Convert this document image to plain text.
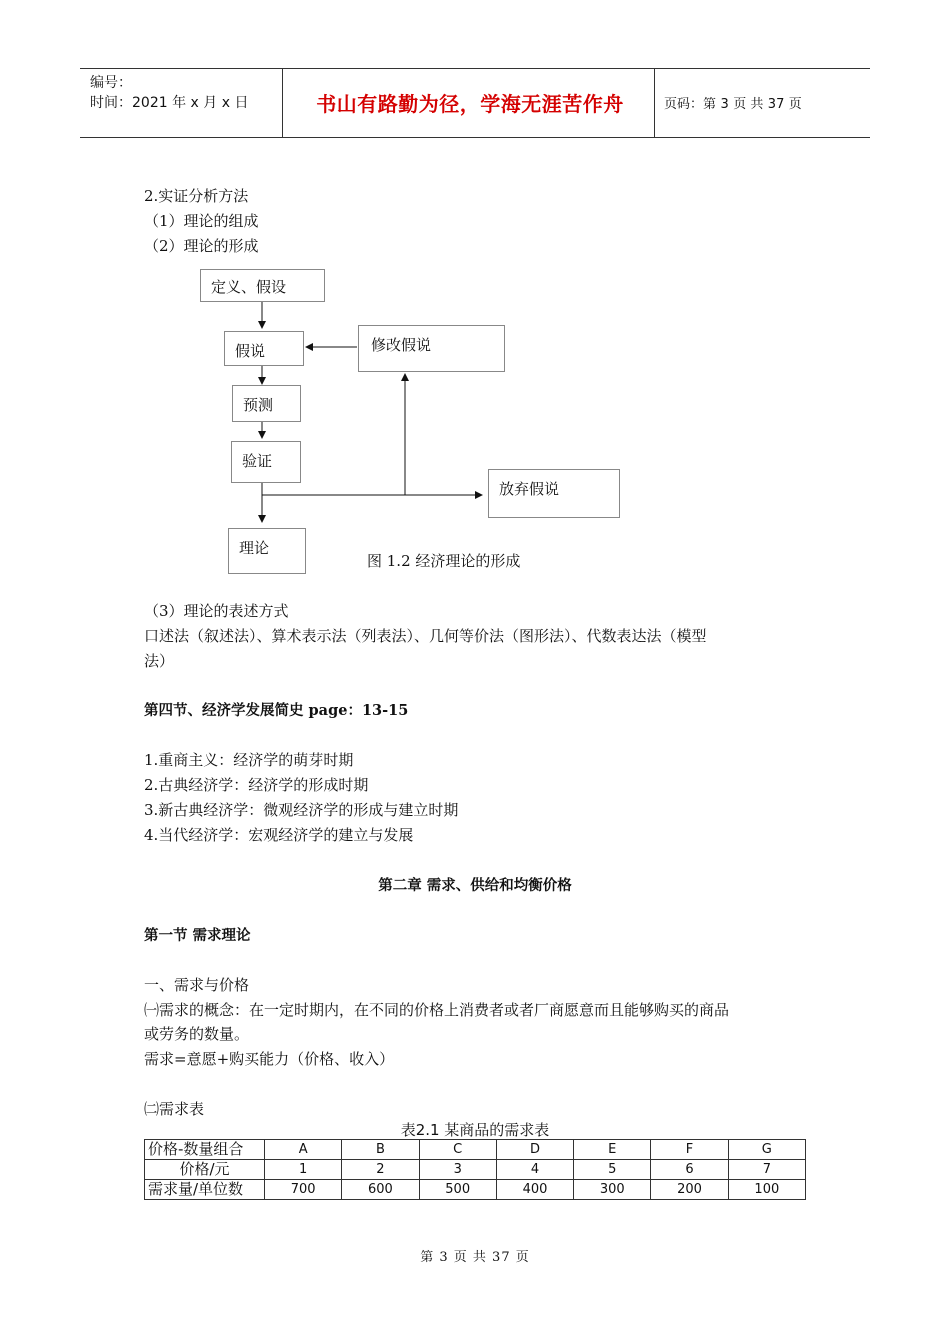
编号：
时间：2021 年 x 月 x 日	书山有路勤为径，学海无涯苦作舟	页码：第 3 页 共 37 页
2.实证分析方法
（1）理论的组成
（2）理论的形成
定义、假设
假说	修改假说
预测
验证
放弃假说
理论
图 1.2 经济理论的形成
（3）理论的表述方式
口述法（叙述法）、算术表示法（列表法）、几何等价法（图形法）、代数表达法（模型
法）
第四节、经济学发展简史 page：13-15
1.重商主义：经济学的萌芽时期
2.古典经济学：经济学的形成时期
3.新古典经济学：微观经济学的形成与建立时期
4.当代经济学：宏观经济学的建立与发展
第二章 需求、供给和均衡价格
第一节 需求理论
一、需求与价格
㈠需求的概念：在一定时期内，在不同的价格上消费者或者厂商愿意而且能够购买的商品
或劳务的数量。
需求=意愿+购买能力（价格、收入）
㈡需求表
表2.1 某商品的需求表
价格-数量组合	A	B	C	D	E	F	G
价格/元	1	2	3	4	5	6	7
需求量/单位数	700	600	500	400	300	200	100
第 3 页 共 37 页
